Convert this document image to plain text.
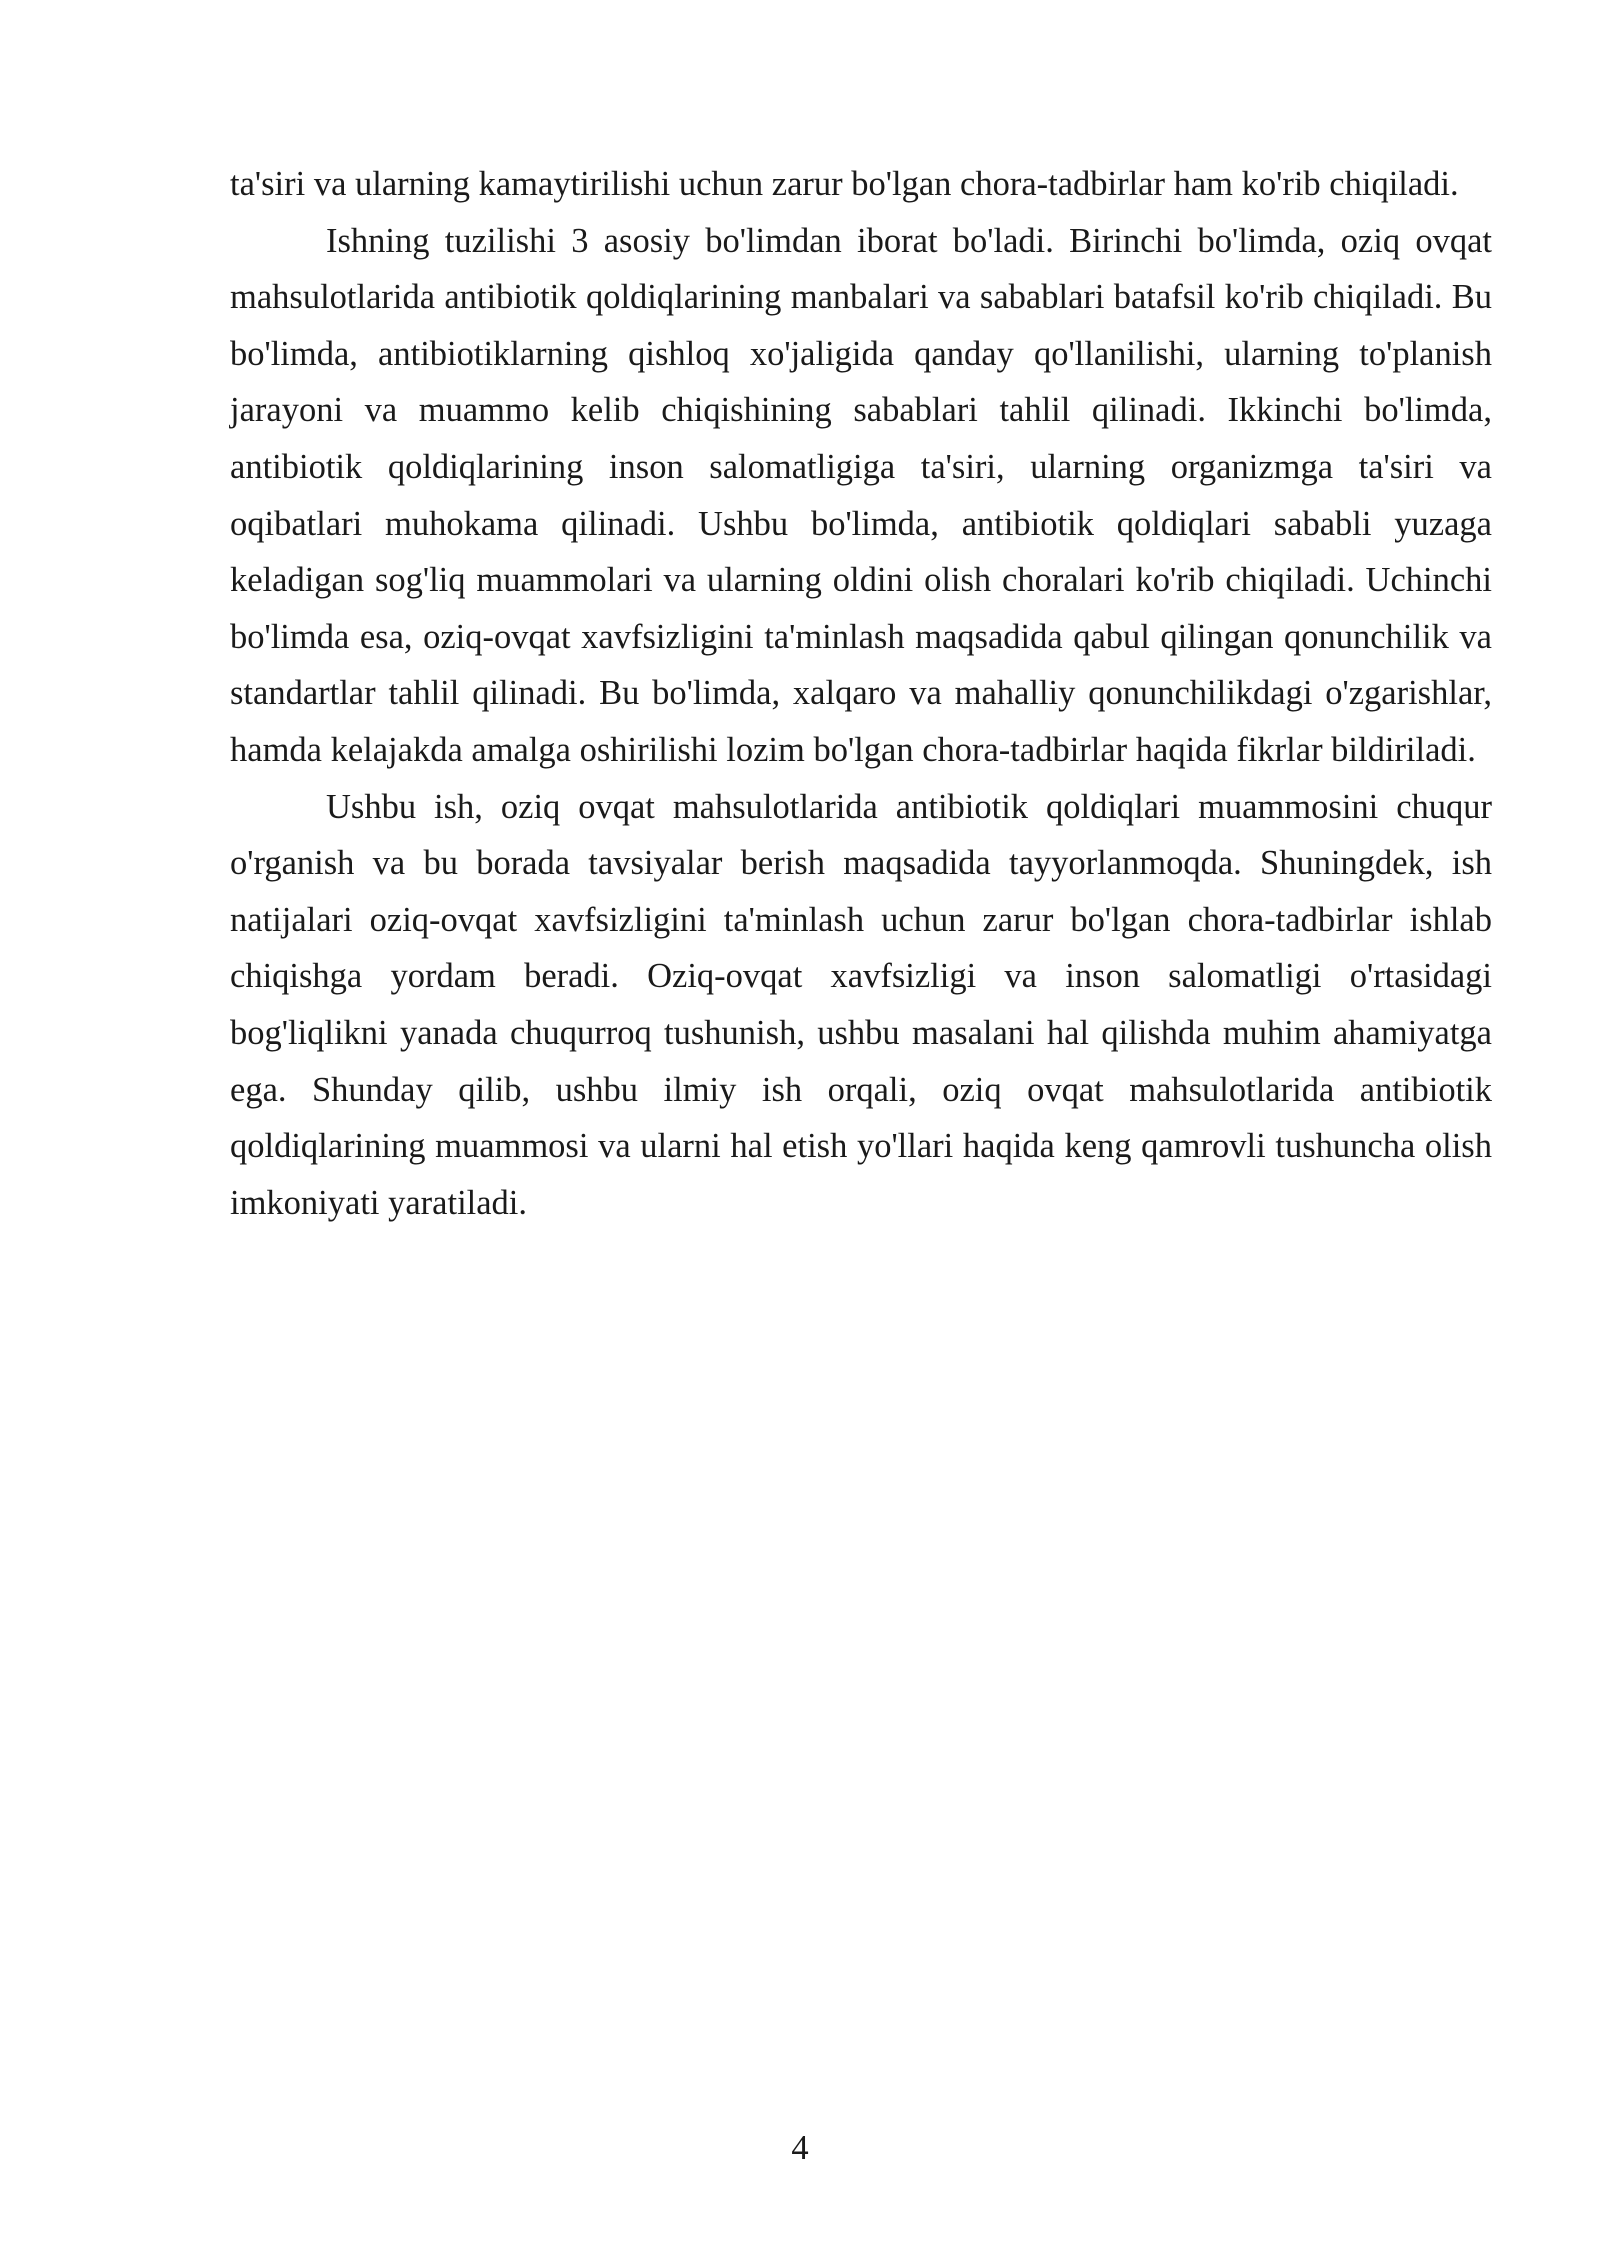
ta'siri va ularning kamaytirilishi uchun zarur bo'lgan chora-tadbirlar ham ko'rib chiqiladi.

Ishning tuzilishi 3 asosiy bo'limdan iborat bo'ladi. Birinchi bo'limda, oziq ovqat mahsulotlarida antibiotik qoldiqlarining manbalari va sabablari batafsil ko'rib chiqiladi. Bu bo'limda, antibiotiklarning qishloq xo'jaligida qanday qo'llanilishi, ularning to'planish jarayoni va muammo kelib chiqishining sabablari tahlil qilinadi. Ikkinchi bo'limda, antibiotik qoldiqlarining inson salomatligiga ta'siri, ularning organizmga ta'siri va oqibatlari muhokama qilinadi. Ushbu bo'limda, antibiotik qoldiqlari sababli yuzaga keladigan sog'liq muammolari va ularning oldini olish choralari ko'rib chiqiladi. Uchinchi bo'limda esa, oziq-ovqat xavfsizligini ta'minlash maqsadida qabul qilingan qonunchilik va standartlar tahlil qilinadi. Bu bo'limda, xalqaro va mahalliy qonunchilikdagi o'zgarishlar, hamda kelajakda amalga oshirilishi lozim bo'lgan chora-tadbirlar haqida fikrlar bildiriladi.

Ushbu ish, oziq ovqat mahsulotlarida antibiotik qoldiqlari muammosini chuqur o'rganish va bu borada tavsiyalar berish maqsadida tayyorlanmoqda. Shuningdek, ish natijalari oziq-ovqat xavfsizligini ta'minlash uchun zarur bo'lgan chora-tadbirlar ishlab chiqishga yordam beradi. Oziq-ovqat xavfsizligi va inson salomatligi o'rtasidagi bog'liqlikni yanada chuqurroq tushunish, ushbu masalani hal qilishda muhim ahamiyatga ega. Shunday qilib, ushbu ilmiy ish orqali, oziq ovqat mahsulotlarida antibiotik qoldiqlarining muammosi va ularni hal etish yo'llari haqida keng qamrovli tushuncha olish imkoniyati yaratiladi.

4
